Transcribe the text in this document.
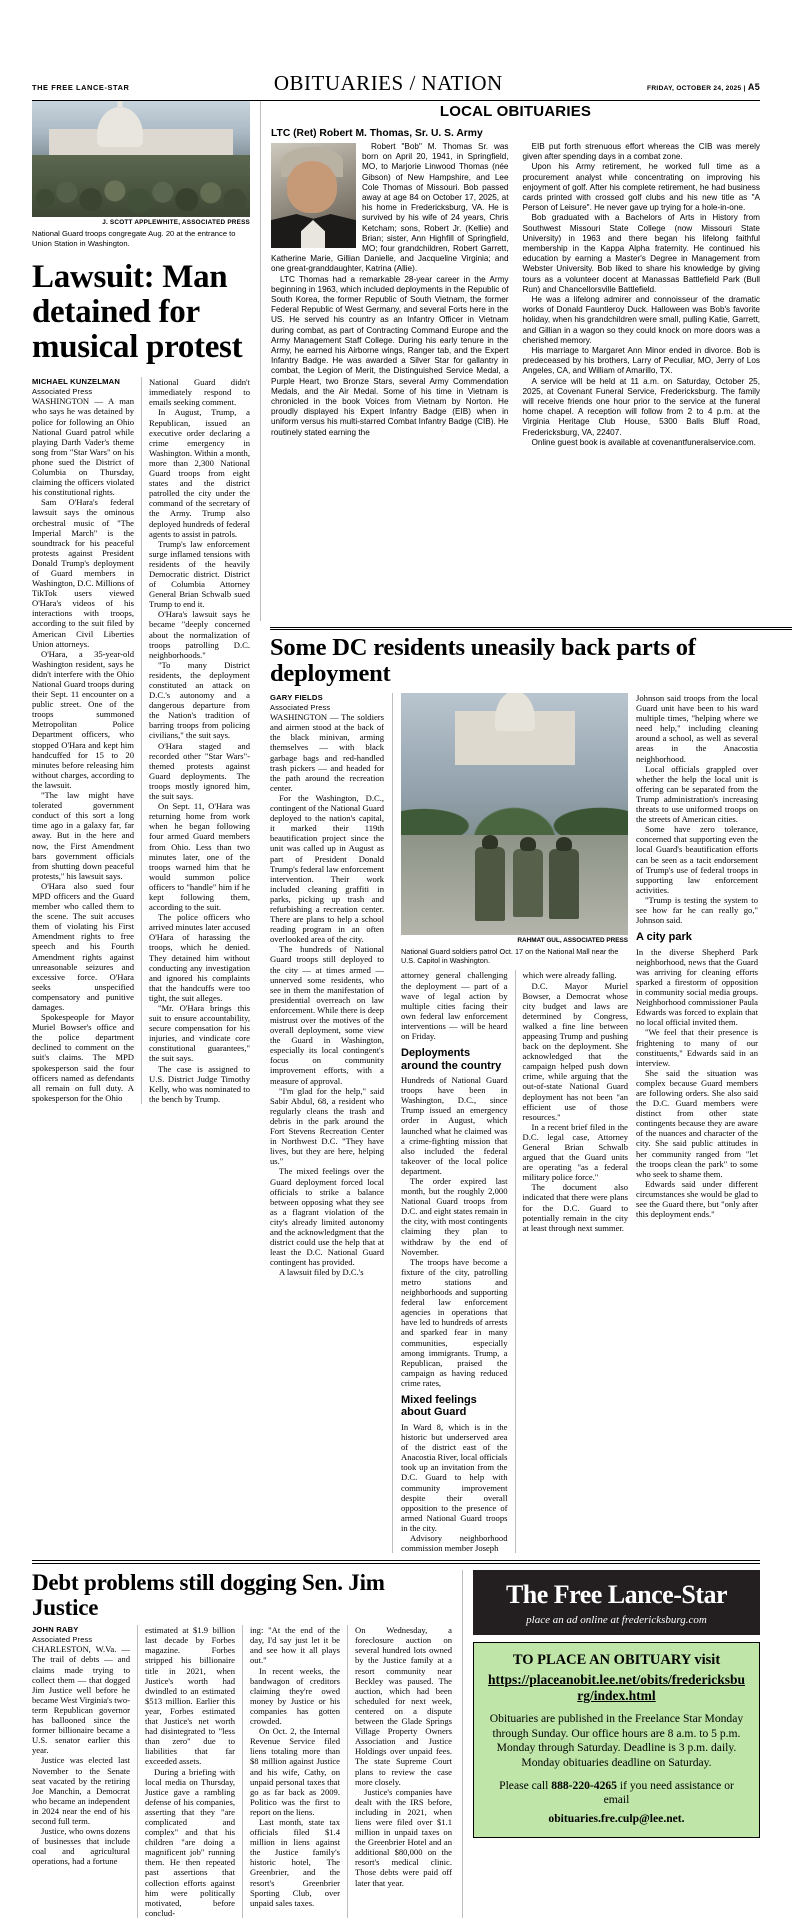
THE FREE LANCE-STAR	OBITUARIES / NATION	FRIDAY, OCTOBER 24, 2025 | A5
J. SCOTT APPLEWHITE, ASSOCIATED PRESS
National Guard troops congregate Aug. 20 at the entrance to Union Station in Washington.
Lawsuit: Man detained for musical protest
MICHAEL KUNZELMAN
Associated Press

WASHINGTON — A man who says he was detained by police for following an Ohio National Guard patrol while playing Darth Vader's theme song from "Star Wars" on his phone sued the District of Columbia on Thursday, claiming the officers violated his constitutional rights.

Sam O'Hara's federal lawsuit says the ominous orchestral music of "The Imperial March" is the soundtrack for his peaceful protests against President Donald Trump's deployment of Guard members in Washington, D.C. Millions of TikTok users viewed O'Hara's videos of his interactions with troops, according to the suit filed by American Civil Liberties Union attorneys.

O'Hara, a 35-year-old Washington resident, says he didn't interfere with the Ohio National Guard troops during their Sept. 11 encounter on a public street. One of the troops summoned Metropolitan Police Department officers, who stopped O'Hara and kept him handcuffed for 15 to 20 minutes before releasing him without charges, according to the lawsuit.

"The law might have tolerated government conduct of this sort a long time ago in a galaxy far, far away. But in the here and now, the First Amendment bars government officials from shutting down peaceful protests," his lawsuit says.

O'Hara also sued four MPD officers and the Guard member who called them to the scene. The suit accuses them of violating his First Amendment rights to free speech and his Fourth Amendment rights against unreasonable seizures and excessive force. O'Hara seeks unspecified compensatory and punitive damages.

Spokespeople for Mayor Muriel Bowser's office and the police department declined to comment on the suit's claims. The MPD spokesperson said the four officers named as defendants all remain on full duty. A spokesperson for the Ohio

National Guard didn't immediately respond to emails seeking comment.

In August, Trump, a Republican, issued an executive order declaring a crime emergency in Washington. Within a month, more than 2,300 National Guard troops from eight states and the district patrolled the city under the command of the secretary of the Army. Trump also deployed hundreds of federal agents to assist in patrols.

Trump's law enforcement surge inflamed tensions with residents of the heavily Democratic district. District of Columbia Attorney General Brian Schwalb sued Trump to end it.

O'Hara's lawsuit says he became "deeply concerned about the normalization of troops patrolling D.C. neighborhoods."

"To many District residents, the deployment constituted an attack on D.C.'s autonomy and a dangerous departure from the Nation's tradition of barring troops from policing civilians," the suit says.

O'Hara staged and recorded other "Star Wars"-themed protests against Guard deployments. The troops mostly ignored him, the suit says.

On Sept. 11, O'Hara was returning home from work when he began following four armed Guard members from Ohio. Less than two minutes later, one of the troops warned him that he would summon police officers to "handle" him if he kept following them, according to the suit.

The police officers who arrived minutes later accused O'Hara of harassing the troops, which he denied. They detained him without conducting any investigation and ignored his complaints that the handcuffs were too tight, the suit alleges.

"Mr. O'Hara brings this suit to ensure accountability, secure compensation for his injuries, and vindicate core constitutional guarantees," the suit says.

The case is assigned to U.S. District Judge Timothy Kelly, who was nominated to the bench by Trump.

LOCAL OBITUARIES
LTC (Ret) Robert M. Thomas, Sr. U. S. Army

Robert "Bob" M. Thomas Sr. was born on April 20, 1941, in Springfield, MO, to Marjorie Linwood Thomas (née Gibson) of New Hampshire, and Lee Cole Thomas of Missouri. Bob passed away at age 84 on October 17, 2025, at his home in Fredericksburg, VA. He is survived by his wife of 24 years, Chris Ketcham; sons, Robert Jr. (Kellie) and Brian; sister, Ann Highfill of Springfield, MO; four grandchildren, Robert Garrett, Katherine Marie, Gillian Danielle, and Jacqueline Virginia; and one great-granddaughter, Katrina (Allie).

LTC Thomas had a remarkable 28-year career in the Army beginning in 1963, which included deployments in the Republic of South Korea, the former Republic of South Vietnam, the former Federal Republic of West Germany, and several Forts here in the US. He served his country as an Infantry Officer in Vietnam during combat, as part of Contracting Command Europe and the Army Management Staff College. During his early tenure in the Army, he earned his Airborne wings, Ranger tab, and the Expert Infantry Badge. He was awarded a Silver Star for gallantry in combat, the Legion of Merit, the Distinguished Service Medal, a Purple Heart, two Bronze Stars, several Army Commendation Medals, and the Air Medal. Some of his time in Vietnam is chronicled in the book Voices from Vietnam by Norton. He proudly displayed his Expert Infantry Badge (EIB) when in uniform versus his multi-starred Combat Infantry Badge (CIB). He routinely stated earning the

EIB put forth strenuous effort whereas the CIB was merely given after spending days in a combat zone.

Upon his Army retirement, he worked full time as a procurement analyst while concentrating on improving his enjoyment of golf. After his complete retirement, he had business cards printed with crossed golf clubs and his new title as "A Person of Leisure". He never gave up trying for a hole-in-one.

Bob graduated with a Bachelors of Arts in History from Southwest Missouri State College (now Missouri State University) in 1963 and there began his lifelong faithful membership in the Kappa Alpha fraternity. He continued his education by earning a Master's Degree in Management from Webster University. Bob liked to share his knowledge by giving tours as a volunteer docent at Manassas Battlefield Park (Bull Run) and Chancellorsville Battlefield.

He was a lifelong admirer and connoisseur of the dramatic works of Donald Fauntleroy Duck. Halloween was Bob's favorite holiday, when his grandchildren were small, pulling Katie, Garrett, and Gillian in a wagon so they could knock on more doors was a cherished memory.

His marriage to Margaret Ann Minor ended in divorce. Bob is predeceased by his brothers, Larry of Peculiar, MO, Jerry of Los Angeles, CA, and William of Amarillo, TX.

A service will be held at 11 a.m. on Saturday, October 25, 2025, at Covenant Funeral Service, Fredericksburg. The family will receive friends one hour prior to the service at the funeral home chapel. A reception will follow from 2 to 4 p.m. at the Virginia Heritage Club House, 5300 Balls Bluff Road, Fredericksburg, VA, 22407.

Online guest book is available at covenantfuneralservice.com.

Some DC residents uneasily back parts of deployment
GARY FIELDS
Associated Press

WASHINGTON — The soldiers and airmen stood at the back of the black minivan, arming themselves — with black garbage bags and red-handled trash pickers — and headed for the path around the recreation center.

For the Washington, D.C., contingent of the National Guard deployed to the nation's capital, it marked their 119th beautification project since the unit was called up in August as part of President Donald Trump's federal law enforcement intervention. Their work included cleaning graffiti in parks, picking up trash and refurbishing a recreation center. There are plans to help a school reading program in an often overlooked area of the city.

The hundreds of National Guard troops still deployed to the city — at times armed — unnerved some residents, who see in them the manifestation of presidential overreach on law enforcement. While there is deep mistrust over the motives of the overall deployment, some view the Guard in Washington, especially its local contingent's focus on community improvement efforts, with a measure of approval.

"I'm glad for the help," said Sabir Abdul, 68, a resident who regularly cleans the trash and debris in the park around the Fort Stevens Recreation Center in Northwest D.C. "They have lives, but they are here, helping us."

The mixed feelings over the Guard deployment forced local officials to strike a balance between opposing what they see as a flagrant violation of the city's already limited autonomy and the acknowledgment that the district could use the help that at least the D.C. National Guard contingent has provided.

A lawsuit filed by D.C.'s

RAHMAT GUL, ASSOCIATED PRESS
National Guard soldiers patrol Oct. 17 on the National Mall near the U.S. Capitol in Washington.

attorney general challenging the deployment — part of a wave of legal action by multiple cities facing their own federal law enforcement interventions — will be heard on Friday.

Deployments around the country

Hundreds of National Guard troops have been in Washington, D.C., since Trump issued an emergency order in August, which launched what he claimed was a crime-fighting mission that also included the federal takeover of the local police department.

The order expired last month, but the roughly 2,000 National Guard troops from D.C. and eight states remain in the city, with most contingents claiming they plan to withdraw by the end of November.

The troops have become a fixture of the city, patrolling metro stations and neighborhoods and supporting federal law enforcement agencies in operations that have led to hundreds of arrests and sparked fear in many communities, especially among immigrants. Trump, a Republican, praised the campaign as having reduced crime rates,

Mixed feelings about Guard

In Ward 8, which is in the historic but underserved area of the district east of the Anacostia River, local officials took up an invitation from the D.C. Guard to help with community improvement despite their overall opposition to the presence of armed National Guard troops in the city.

Advisory neighborhood commission member Joseph

which were already falling.

D.C. Mayor Muriel Bowser, a Democrat whose city budget and laws are determined by Congress, walked a fine line between appeasing Trump and pushing back on the deployment. She acknowledged that the campaign helped push down crime, while arguing that the out-of-state National Guard deployment has not been "an efficient use of those resources."

In a recent brief filed in the D.C. legal case, Attorney General Brian Schwalb argued that the Guard units are operating "as a federal military police force."

The document also indicated that there were plans for the D.C. Guard to potentially remain in the city at least through next summer.

Johnson said troops from the local Guard unit have been to his ward multiple times, "helping where we need help," including cleaning around a school, as well as several areas in the Anacostia neighborhood.

Local officials grappled over whether the help the local unit is offering can be separated from the Trump administration's increasing threats to use uniformed troops on the streets of American cities.

Some have zero tolerance, concerned that supporting even the local Guard's beautification efforts can be seen as a tacit endorsement of Trump's use of federal troops in supporting law enforcement activities.

"Trump is testing the system to see how far he can really go," Johnson said.

A city park

In the diverse Shepherd Park neighborhood, news that the Guard was arriving for cleaning efforts sparked a firestorm of opposition in community social media groups. Neighborhood commissioner Paula Edwards was forced to explain that no local official invited them.

"We feel that their presence is frightening to many of our constituents," Edwards said in an interview.

She said the situation was complex because Guard members are following orders. She also said the D.C. Guard members were distinct from other state contingents because they are aware of the nuances and character of the city. She said public attitudes in her community ranged from "let the troops clean the park" to some who seek to shame them.

Edwards said under different circumstances she would be glad to see the Guard there, but "only after this deployment ends."

Debt problems still dogging Sen. Jim Justice
JOHN RABY
Associated Press

CHARLESTON, W.Va. — The trail of debts — and claims made trying to collect them — that dogged Jim Justice well before he became West Virginia's two-term Republican governor has ballooned since the former billionaire became a U.S. senator earlier this year.

Justice was elected last November to the Senate seat vacated by the retiring Joe Manchin, a Democrat who became an independent in 2024 near the end of his second full term.

Justice, who owns dozens of businesses that include coal and agricultural operations, had a fortune

estimated at $1.9 billion last decade by Forbes magazine. Forbes stripped his billionaire title in 2021, when Justice's worth had dwindled to an estimated $513 million. Earlier this year, Forbes estimated that Justice's net worth had disintegrated to "less than zero" due to liabilities that far exceeded assets.

During a briefing with local media on Thursday, Justice gave a rambling defense of his companies, asserting that they "are complicated and complex" and that his children "are doing a magnificent job" running them. He then repeated past assertions that collection efforts against him were politically motivated, before conclud-

ing: "At the end of the day, I'd say just let it be and see how it all plays out."

In recent weeks, the bandwagon of creditors claiming they're owed money by Justice or his companies has gotten crowded.

On Oct. 2, the Internal Revenue Service filed liens totaling more than $8 million against Justice and his wife, Cathy, on unpaid personal taxes that go as far back as 2009. Politico was the first to report on the liens.

Last month, state tax officials filed $1.4 million in liens against the Justice family's historic hotel, The Greenbrier, and the resort's Greenbrier Sporting Club, over unpaid sales taxes.

On Wednesday, a foreclosure auction on several hundred lots owned by the Justice family at a resort community near Beckley was paused. The auction, which had been scheduled for next week, centered on a dispute between the Glade Springs Village Property Owners Association and Justice Holdings over unpaid fees. The state Supreme Court plans to review the case more closely.

Justice's companies have dealt with the IRS before, including in 2021, when liens were filed over $1.1 million in unpaid taxes on the Greenbrier Hotel and an additional $80,000 on the resort's medical clinic. Those debts were paid off later that year.

The Free Lance-Star
place an ad online at fredericksburg.com
TO PLACE AN OBITUARY visit
https://placeanobit.lee.net/obits/fredericksburg/index.html
Obituaries are published in the Freelance Star Monday through Sunday. Our office hours are 8 a.m. to 5 p.m. Monday through Saturday. Deadline is 3 p.m. daily. Monday obituaries deadline on Saturday.
Please call 888-220-4265 if you need assistance or email
obituaries.fre.culp@lee.net.
